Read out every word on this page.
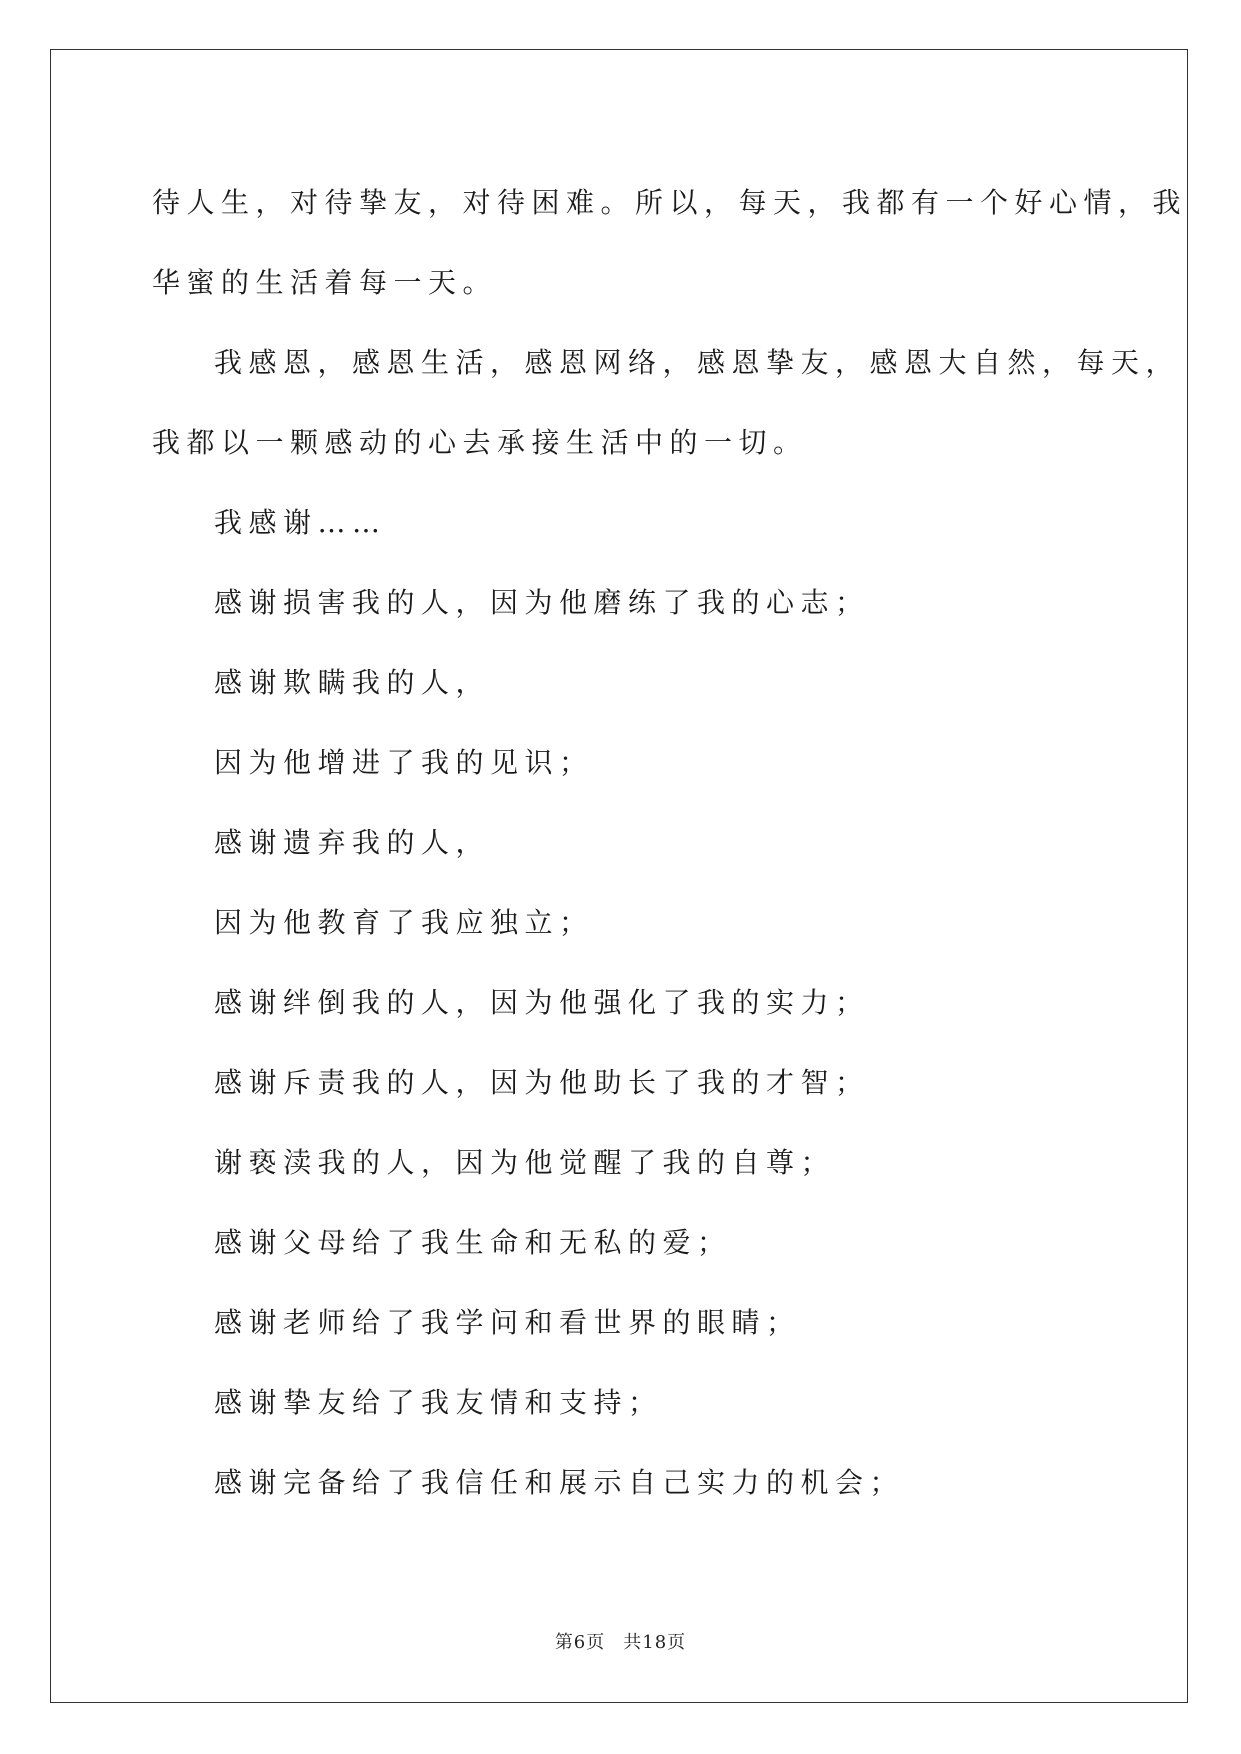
待人生，对待挚友，对待困难。所以，每天，我都有一个好心情，我

华蜜的生活着每一天。

我感恩，感恩生活，感恩网络，感恩挚友，感恩大自然，每天，

我都以一颗感动的心去承接生活中的一切。

我感谢……

感谢损害我的人，因为他磨练了我的心志；

感谢欺瞒我的人，

因为他增进了我的见识；

感谢遗弃我的人，

因为他教育了我应独立；

感谢绊倒我的人，因为他强化了我的实力；

感谢斥责我的人，因为他助长了我的才智；

谢亵渎我的人，因为他觉醒了我的自尊；

感谢父母给了我生命和无私的爱；

感谢老师给了我学问和看世界的眼睛；

感谢挚友给了我友情和支持；

感谢完备给了我信任和展示自己实力的机会；

第6页 共18页
